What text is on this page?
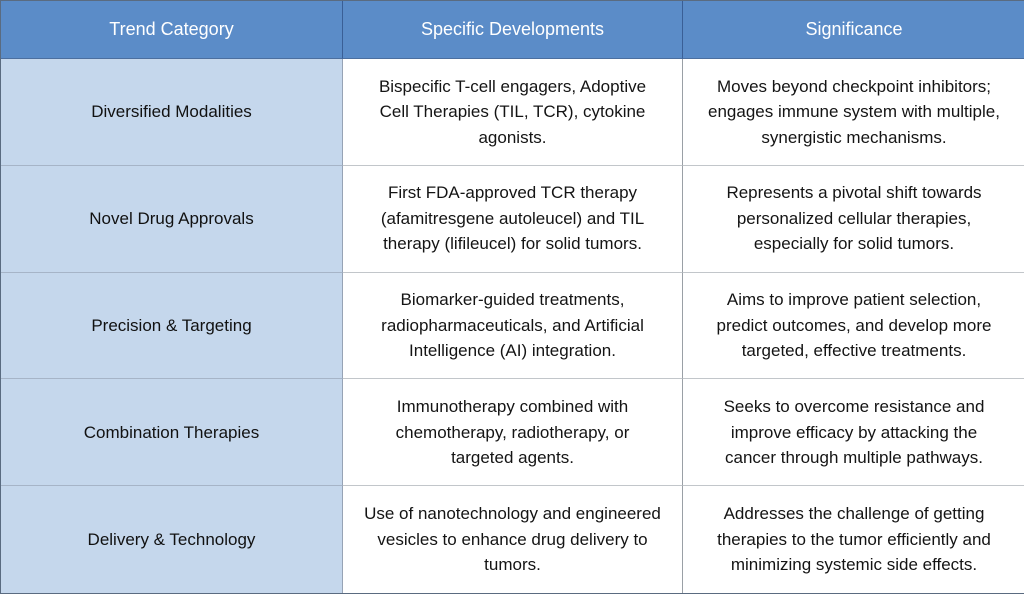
Trend Category	Specific Developments	Significance
Diversified Modalities
Bispecific T-cell engagers, Adoptive Cell Therapies (TIL, TCR), cytokine agonists.
Moves beyond checkpoint inhibitors; engages immune system with multiple, synergistic mechanisms.
Novel Drug Approvals
First FDA-approved TCR therapy (afamitresgene autoleucel) and TIL therapy (lifileucel) for solid tumors.
Represents a pivotal shift towards personalized cellular therapies, especially for solid tumors.
Precision & Targeting
Biomarker-guided treatments, radiopharmaceuticals, and Artificial Intelligence (AI) integration.
Aims to improve patient selection, predict outcomes, and develop more targeted, effective treatments.
Combination Therapies
Immunotherapy combined with chemotherapy, radiotherapy, or targeted agents.
Seeks to overcome resistance and improve efficacy by attacking the cancer through multiple pathways.
Delivery & Technology
Use of nanotechnology and engineered vesicles to enhance drug delivery to tumors.
Addresses the challenge of getting therapies to the tumor efficiently and minimizing systemic side effects.
